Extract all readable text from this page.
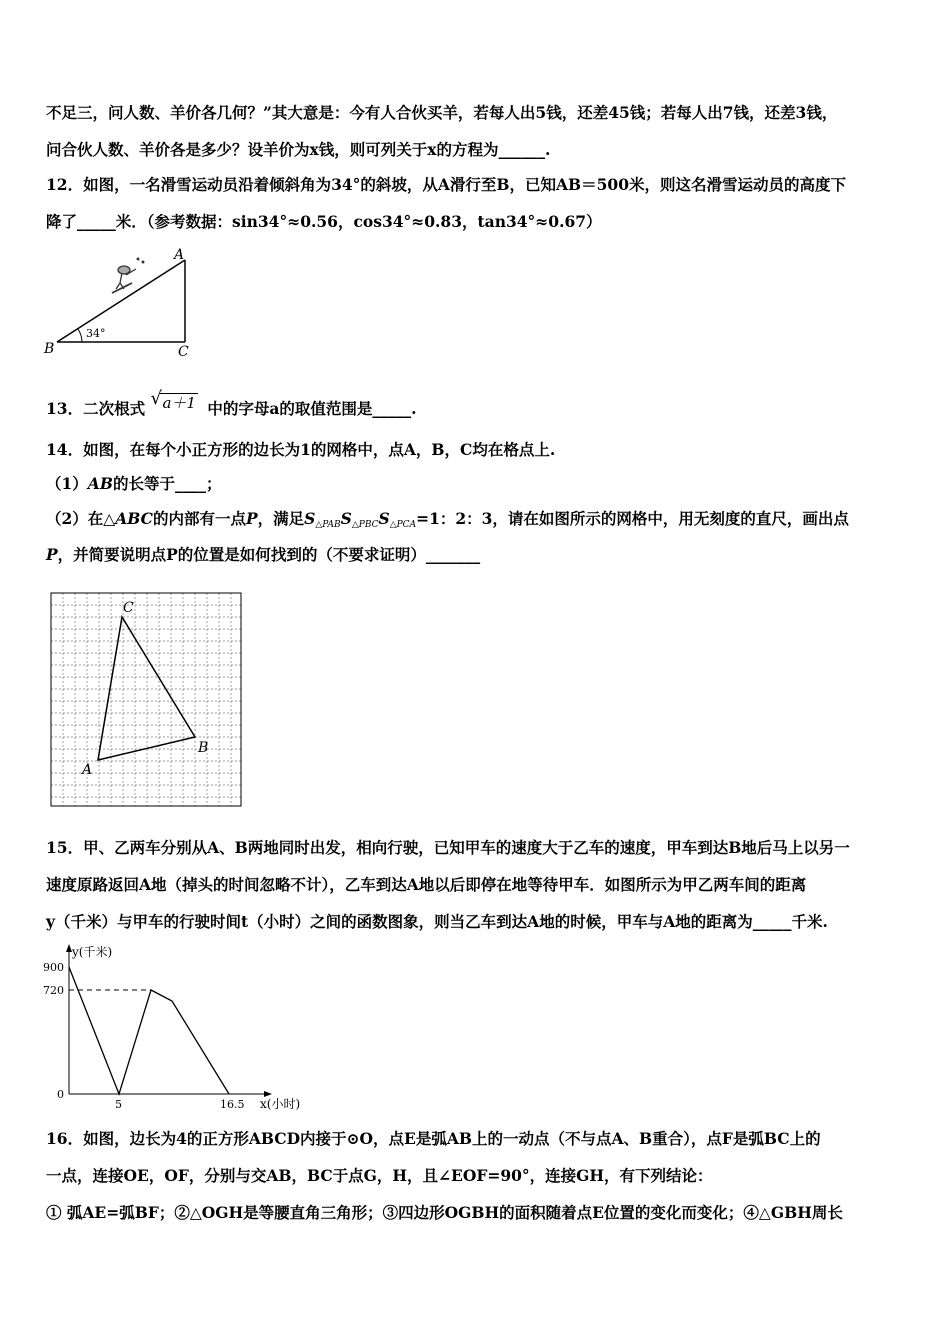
不足三，问人数、羊价各几何？”其大意是：今有人合伙买羊，若每人出5钱，还差45钱；若每人出7钱，还差3钱，
问合伙人数、羊价各是多少？设羊价为x钱，则可列关于x的方程为______.
12．如图，一名滑雪运动员沿着倾斜角为34°的斜坡，从A滑行至B，已知AB＝500米，则这名滑雪运动员的高度下
降了_____米．（参考数据：sin34°≈0.56，cos34°≈0.83，tan34°≈0.67）
34°
A
B	C
13．二次根式 √ a＋1 中的字母a的取值范围是_____.
14．如图，在每个小正方形的边长为1的网格中，点A，B，C均在格点上.
（1）AB的长等于____；
（2）在△ABC的内部有一点P，满足$S_{\triangle PAB}S_{\triangle PBC}S_{\triangle PCA}=1$：2：3，请在如图所示的网格中，用无刻度的直尺，画出点
P，并简要说明点P的位置是如何找到的（不要求证明）_______
A
B
C
15．甲、乙两车分别从A、B两地同时出发，相向行驶，已知甲车的速度大于乙车的速度，甲车到达B地后马上以另一
速度原路返回A地（掉头的时间忽略不计），乙车到达A地以后即停在地等待甲车．如图所示为甲乙两车间的距离
y（千米）与甲车的行驶时间t（小时）之间的函数图象，则当乙车到达A地的时候，甲车与A地的距离为_____千米.
y(千米)
x(小时)
900
720
0
5	16.5
16．如图，边长为4的正方形ABCD内接于⊙O，点E是弧AB上的一动点（不与点A、B重合），点F是弧BC上的
一点，连接OE，OF，分别与交AB，BC于点G，H，且∠EOF=90°，连接GH，有下列结论：
① 弧AE=弧BF；②△OGH是等腰直角三角形；③四边形OGBH的面积随着点E位置的变化而变化；④△GBH周长
